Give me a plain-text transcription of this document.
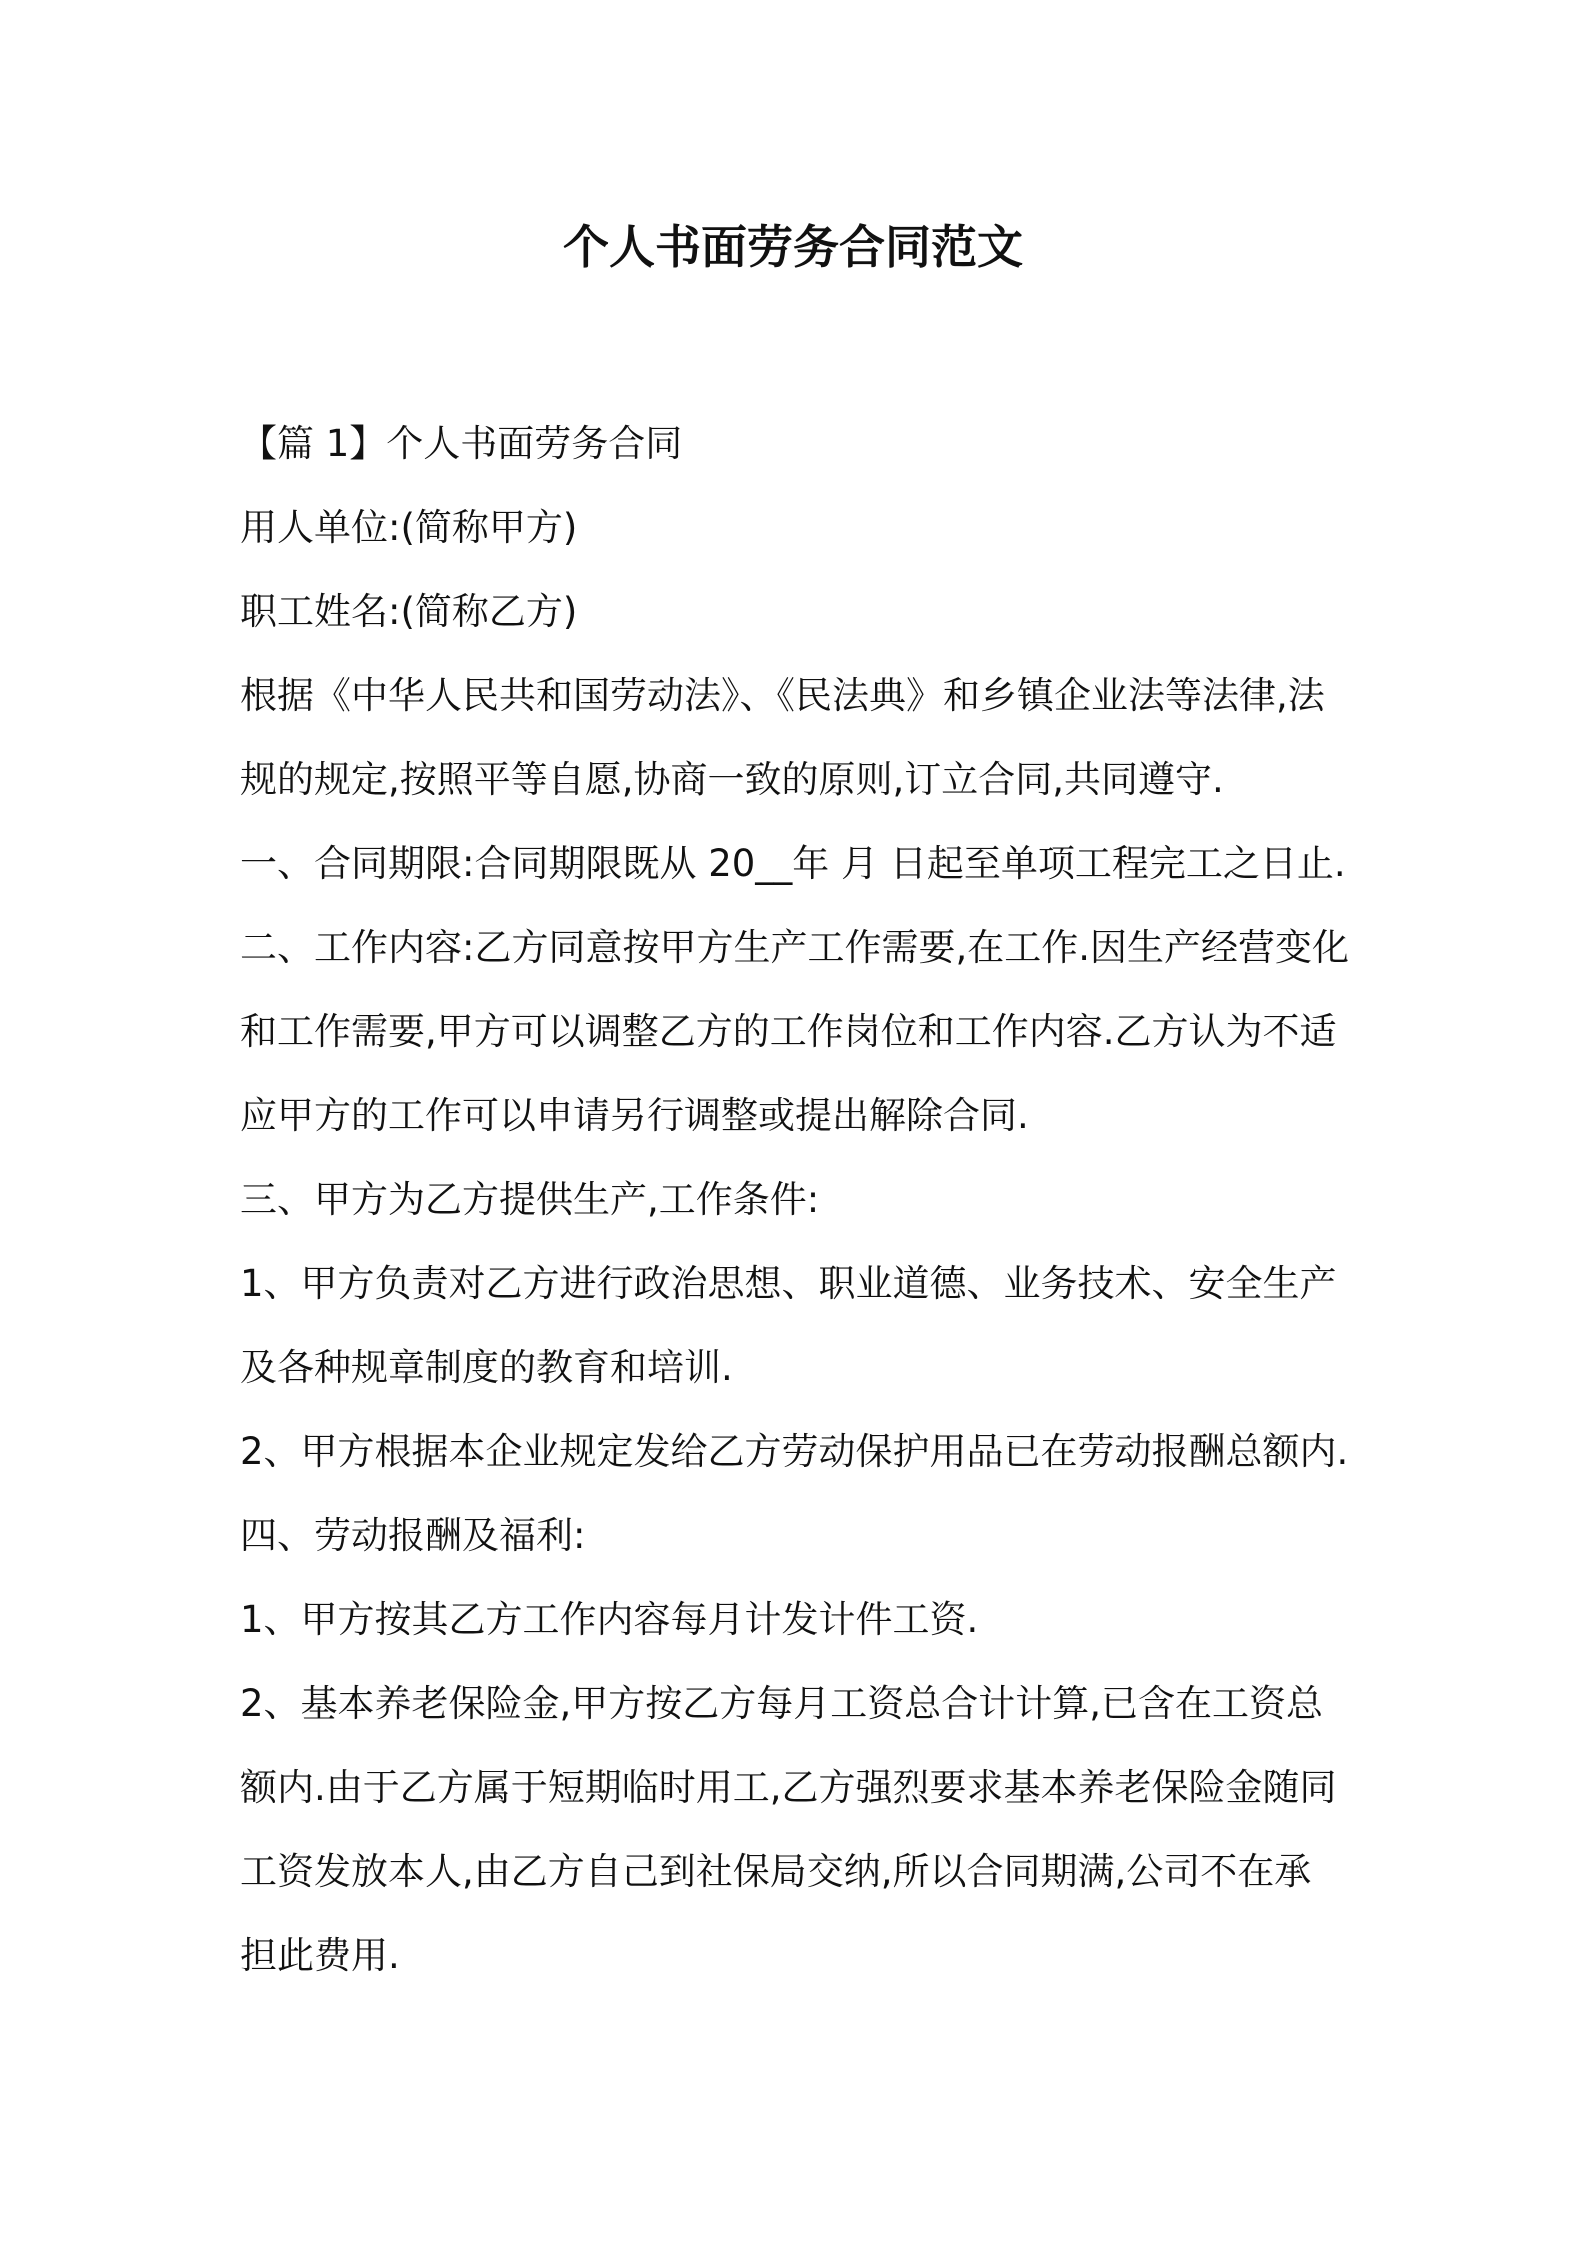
个人书面劳务合同范文
【篇 1】个人书面劳务合同
用人单位:(简称甲方)
职工姓名:(简称乙方)
根据《中华人民共和国劳动法》、《民法典》和乡镇企业法等法律,法
规的规定,按照平等自愿,协商一致的原则,订立合同,共同遵守.
一、合同期限:合同期限既从 20__年 月 日起至单项工程完工之日止.
二、工作内容:乙方同意按甲方生产工作需要,在工作.因生产经营变化
和工作需要,甲方可以调整乙方的工作岗位和工作内容.乙方认为不适
应甲方的工作可以申请另行调整或提出解除合同.
三、甲方为乙方提供生产,工作条件:
1、甲方负责对乙方进行政治思想、职业道德、业务技术、安全生产
及各种规章制度的教育和培训.
2、甲方根据本企业规定发给乙方劳动保护用品已在劳动报酬总额内.
四、劳动报酬及福利:
1、甲方按其乙方工作内容每月计发计件工资.
2、基本养老保险金,甲方按乙方每月工资总合计计算,已含在工资总
额内.由于乙方属于短期临时用工,乙方强烈要求基本养老保险金随同
工资发放本人,由乙方自己到社保局交纳,所以合同期满,公司不在承
担此费用.
